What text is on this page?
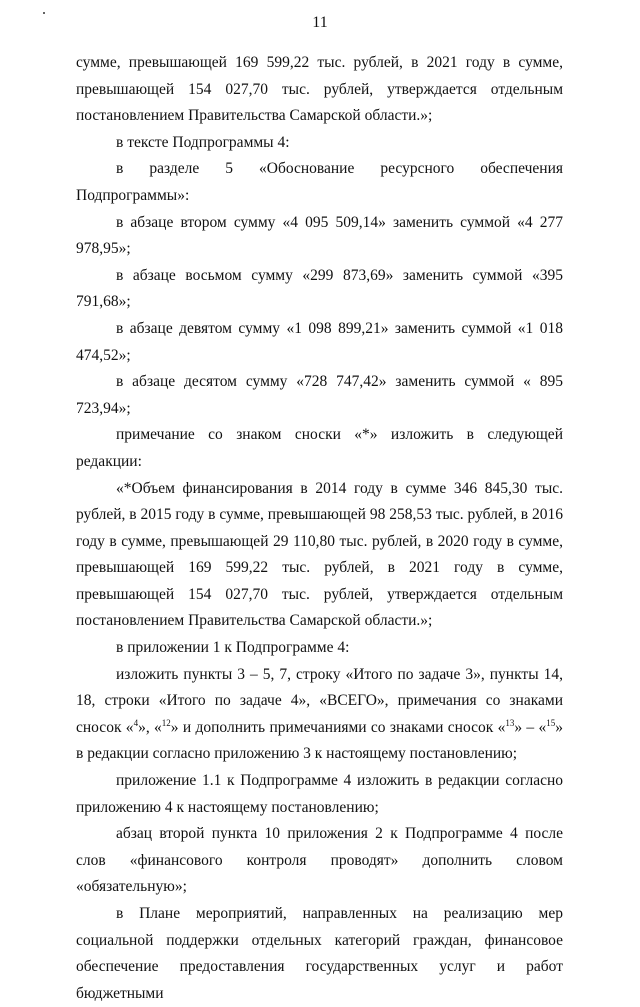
11

сумме, превышающей 169 599,22 тыс. рублей, в 2021 году в сумме, превышающей 154 027,70 тыс. рублей, утверждается отдельным постановлением Правительства Самарской области.»;

в тексте Подпрограммы 4:

в разделе 5 «Обоснование ресурсного обеспечения Подпрограммы»:

в абзаце втором сумму «4 095 509,14» заменить суммой «4 277 978,95»;

в абзаце восьмом сумму «299 873,69» заменить суммой «395 791,68»;

в абзаце девятом сумму «1 098 899,21» заменить суммой «1 018 474,52»;

в абзаце десятом сумму «728 747,42» заменить суммой « 895 723,94»;

примечание со знаком сноски «*» изложить в следующей редакции:

«*Объем финансирования в 2014 году в сумме 346 845,30 тыс. рублей, в 2015 году в сумме, превышающей 98 258,53 тыс. рублей, в 2016 году в сумме, превышающей 29 110,80 тыс. рублей, в 2020 году в сумме, превышающей 169 599,22 тыс. рублей, в 2021 году в сумме, превышающей 154 027,70 тыс. рублей, утверждается отдельным постановлением Правительства Самарской области.»;

в приложении 1 к Подпрограмме 4:

изложить пункты 3 – 5, 7, строку «Итого по задаче 3», пункты 14, 18, строки «Итого по задаче 4», «ВСЕГО», примечания со знаками сносок «$^4$», «$^{12}$» и дополнить примечаниями со знаками сносок «$^{13}$» – «$^{15}$» в редакции согласно приложению 3 к настоящему постановлению;

приложение 1.1 к Подпрограмме 4 изложить в редакции согласно приложению 4 к настоящему постановлению;

абзац второй пункта 10 приложения 2 к Подпрограмме 4 после слов «финансового контроля проводят» дополнить словом «обязательную»;

в Плане мероприятий, направленных на реализацию мер социальной поддержки отдельных категорий граждан, финансовое обеспечение предоставления государственных услуг и работ бюджетными
